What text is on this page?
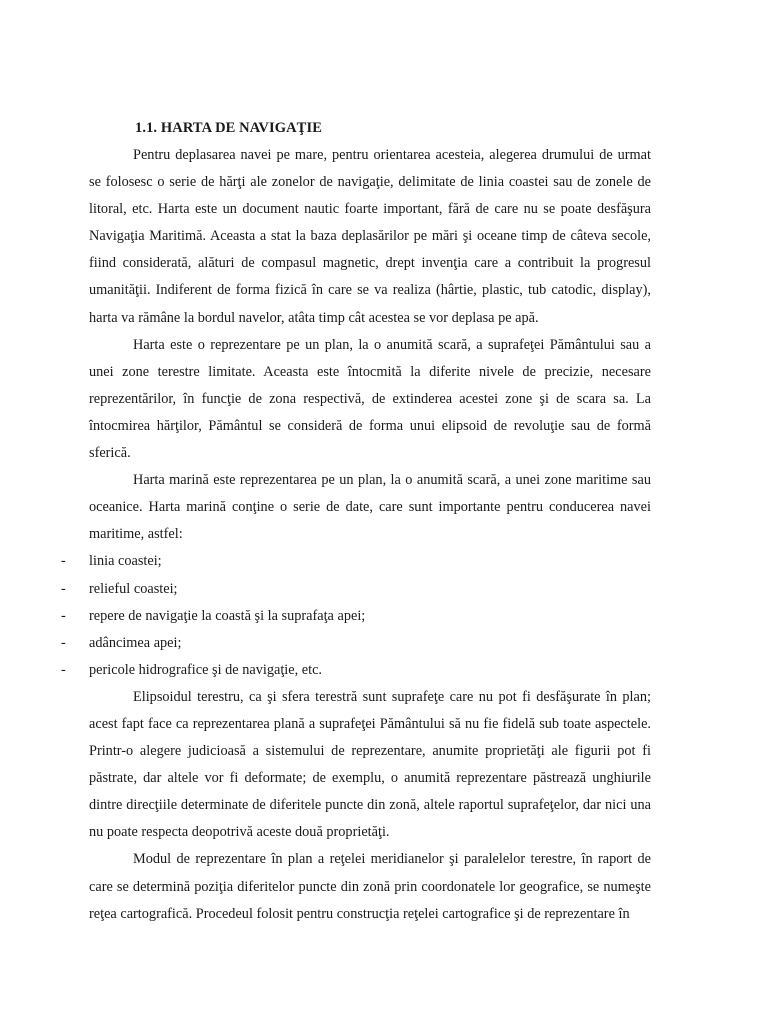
1.1. HARTA DE NAVIGAŢIE

Pentru deplasarea navei pe mare, pentru orientarea acesteia, alegerea drumului de urmat se folosesc o serie de hărţi ale zonelor de navigaţie, delimitate de linia coastei sau de zonele de litoral, etc. Harta este un document nautic foarte important, fără de care nu se poate desfăşura Navigaţia Maritimă. Aceasta a stat la baza deplasărilor pe mări şi oceane timp de câteva secole, fiind considerată, alături de compasul magnetic, drept invenţia care a contribuit la progresul umanităţii. Indiferent de forma fizică în care se va realiza (hârtie, plastic, tub catodic, display), harta va rămâne la bordul navelor, atâta timp cât acestea se vor deplasa pe apă.

Harta este o reprezentare pe un plan, la o anumită scară, a suprafeţei Pământului sau a unei zone terestre limitate. Aceasta este întocmită la diferite nivele de precizie, necesare reprezentărilor, în funcţie de zona respectivă, de extinderea acestei zone şi de scara sa. La întocmirea hărţilor, Pământul se consideră de forma unui elipsoid de revoluţie sau de formă sferică.

Harta marină este reprezentarea pe un plan, la o anumită scară, a unei zone maritime sau oceanice. Harta marină conţine o serie de date, care sunt importante pentru conducerea navei maritime, astfel:

- linia coastei;
- relieful coastei;
- repere de navigaţie la coastă şi la suprafaţa apei;
- adâncimea apei;
- pericole hidrografice şi de navigaţie, etc.

Elipsoidul terestru, ca şi sfera terestră sunt suprafeţe care nu pot fi desfăşurate în plan; acest fapt face ca reprezentarea plană a suprafeţei Pământului să nu fie fidelă sub toate aspectele. Printr-o alegere judicioasă a sistemului de reprezentare, anumite proprietăţi ale figurii pot fi păstrate, dar altele vor fi deformate; de exemplu, o anumită reprezentare păstrează unghiurile dintre direcţiile determinate de diferitele puncte din zonă, altele raportul suprafeţelor, dar nici una nu poate respecta deopotrivă aceste două proprietăţi.

Modul de reprezentare în plan a reţelei meridianelor şi paralelelor terestre, în raport de care se determină poziţia diferitelor puncte din zonă prin coordonatele lor geografice, se numeşte reţea cartografică. Procedeul folosit pentru construcţia reţelei cartografice şi de reprezentare în
